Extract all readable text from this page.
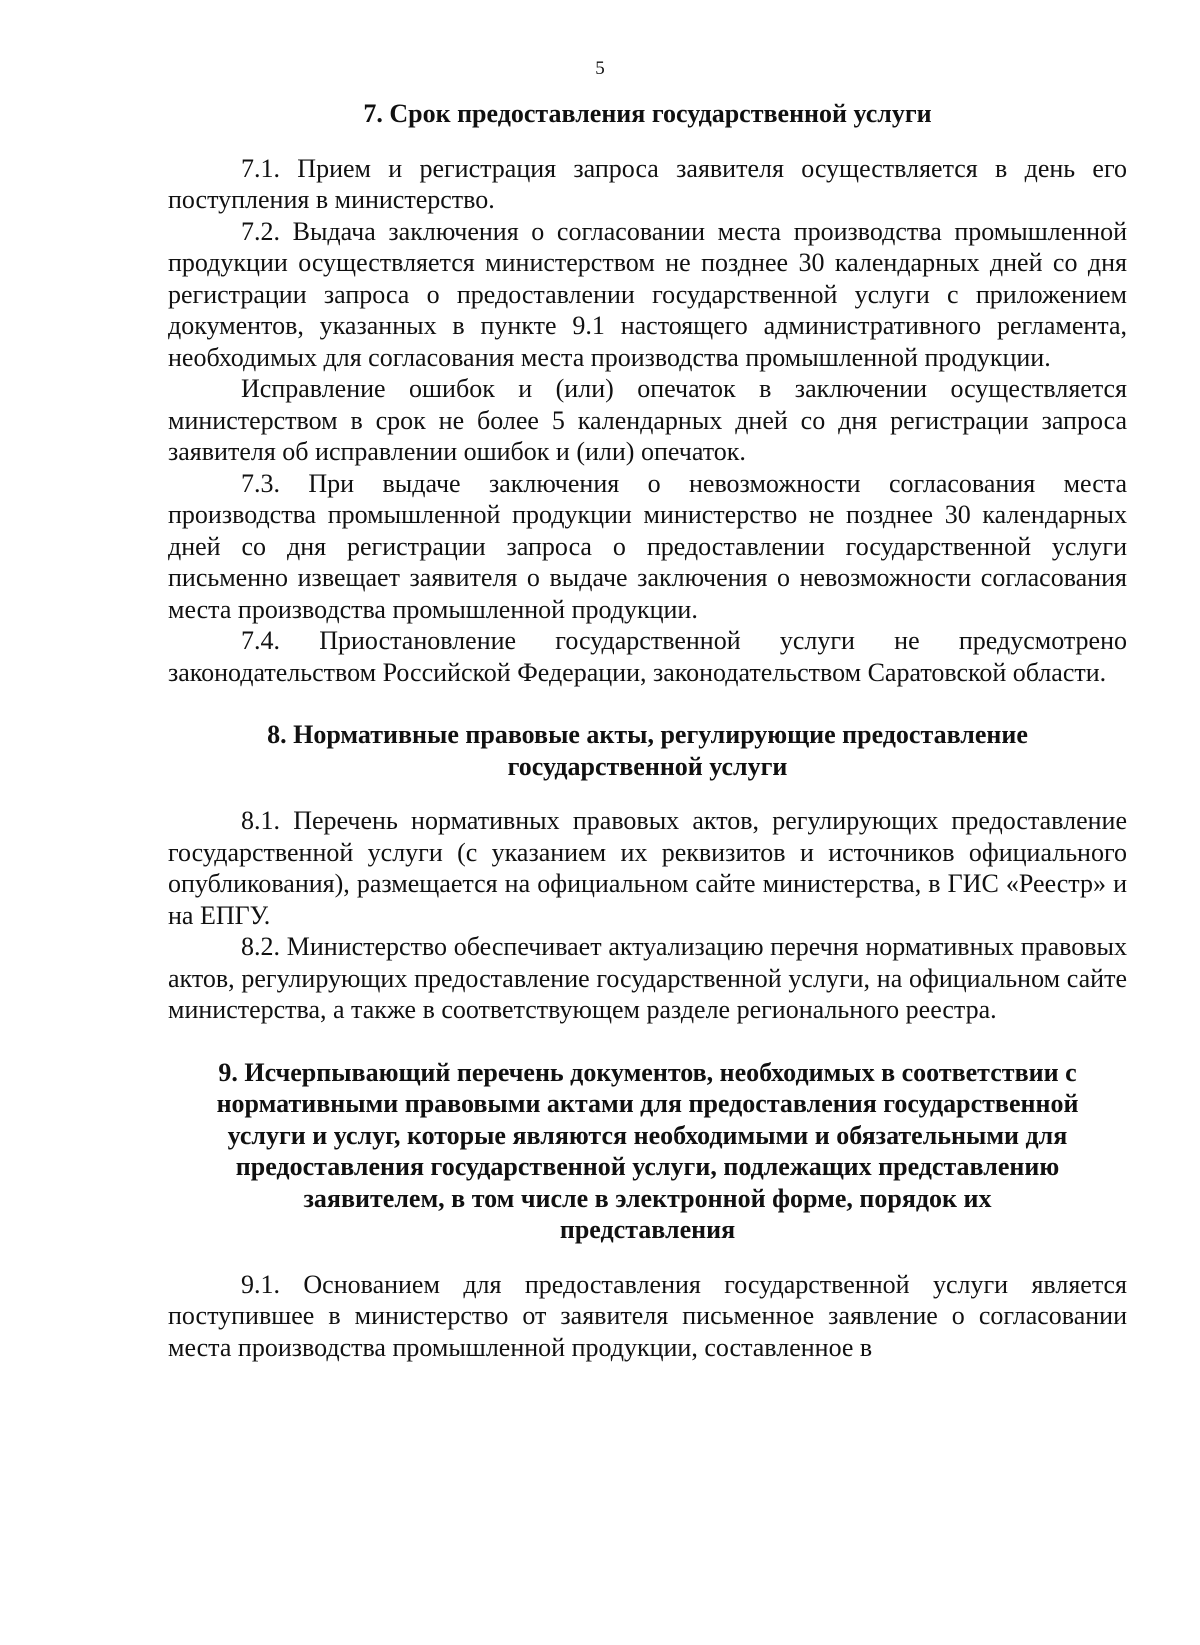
5
7. Срок предоставления государственной услуги

7.1. Прием и регистрация запроса заявителя осуществляется в день его поступления в министерство.

7.2. Выдача заключения о согласовании места производства промышленной продукции осуществляется министерством не позднее 30 календарных дней со дня регистрации запроса о предоставлении государственной услуги с приложением документов, указанных в пункте 9.1 настоящего административного регламента, необходимых для согласования места производства промышленной продукции.

Исправление ошибок и (или) опечаток в заключении осуществляется министерством в срок не более 5 календарных дней со дня регистрации запроса заявителя об исправлении ошибок и (или) опечаток.

7.3. При выдаче заключения о невозможности согласования места производства промышленной продукции министерство не позднее 30 календарных дней со дня регистрации запроса о предоставлении государственной услуги письменно извещает заявителя о выдаче заключения о невозможности согласования места производства промышленной продукции.

7.4. Приостановление государственной услуги не предусмотрено законодательством Российской Федерации, законодательством Саратовской области.

8. Нормативные правовые акты, регулирующие предоставление
государственной услуги

8.1. Перечень нормативных правовых актов, регулирующих предоставление государственной услуги (с указанием их реквизитов и источников официального опубликования), размещается на официальном сайте министерства, в ГИС «Реестр» и на ЕПГУ.

8.2. Министерство обеспечивает актуализацию перечня нормативных правовых актов, регулирующих предоставление государственной услуги, на официальном сайте министерства, а также в соответствующем разделе регионального реестра.

9. Исчерпывающий перечень документов, необходимых в соответствии с
нормативными правовыми актами для предоставления государственной
услуги и услуг, которые являются необходимыми и обязательными для
предоставления государственной услуги, подлежащих представлению
заявителем, в том числе в электронной форме, порядок их
представления

9.1. Основанием для предоставления государственной услуги является поступившее в министерство от заявителя письменное заявление о согласовании места производства промышленной продукции, составленное в
